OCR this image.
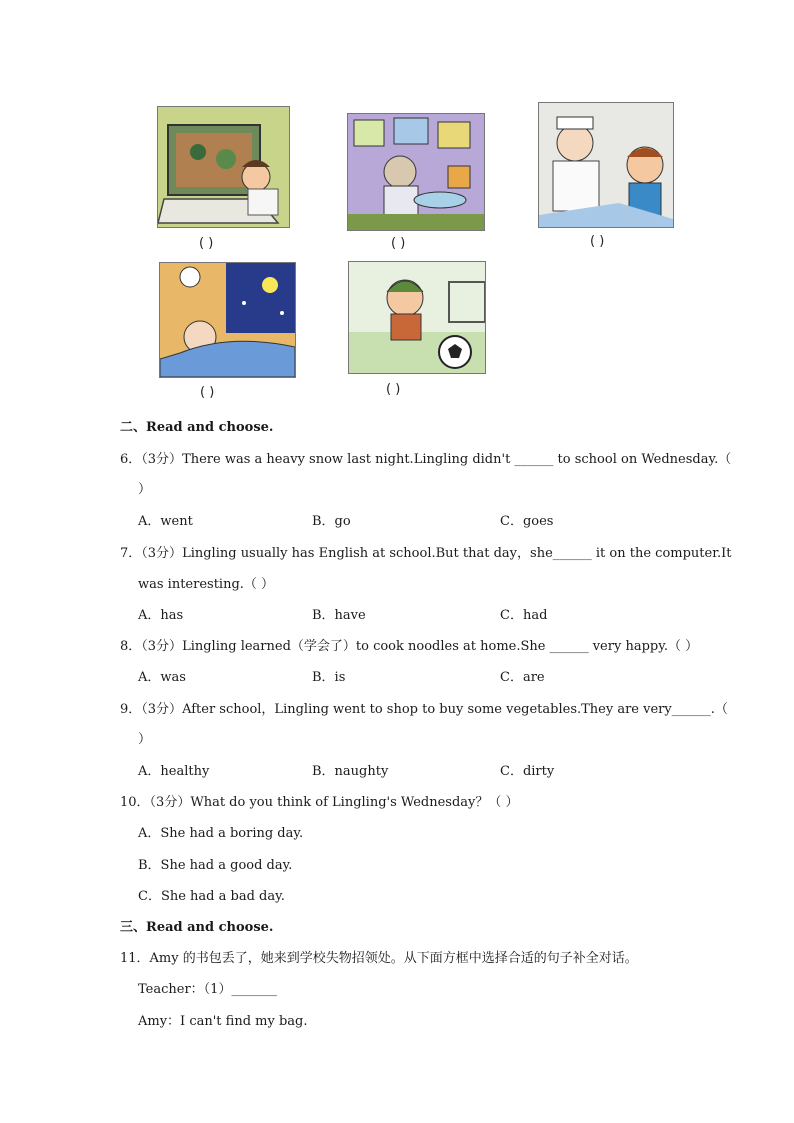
( )	( )	( )
( )	( )
二、Read and choose.
6．（3分）There was a heavy snow last night.Lingling didn't ______ to school on Wednesday.（
）
A．went	B．go	C．goes
7．（3分）Lingling usually has English at school.But that day，she______ it on the computer.It
was interesting.（ ）
A．has	B．have	C．had
8．（3分）Lingling learned（学会了）to cook noodles at home.She ______ very happy.（ ）
A．was	B．is	C．are
9．（3分）After school，Lingling went to shop to buy some vegetables.They are very______.（
）
A．healthy	B．naughty	C．dirty
10．（3分）What do you think of Lingling's Wednesday？（ ）
A．She had a boring day.
B．She had a good day.
C．She had a bad day.
三、Read and choose.
11．Amy 的书包丢了，她来到学校失物招领处。从下面方框中选择合适的句子补全对话。
Teacher：（1）_______
Amy：I can't find my bag.
